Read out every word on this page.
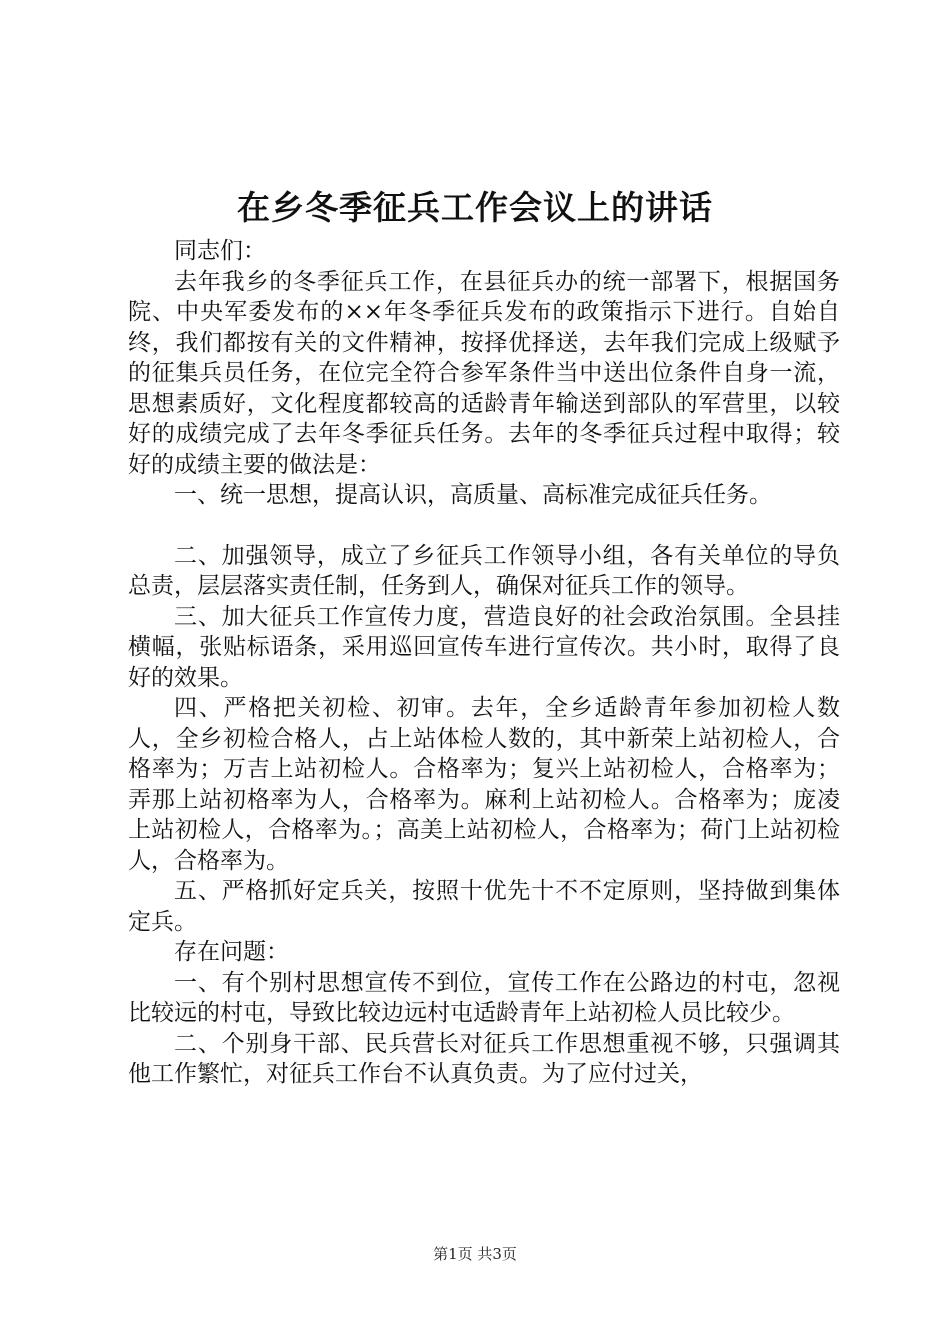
在乡冬季征兵工作会议上的讲话

同志们：

去年我乡的冬季征兵工作，在县征兵办的统一部署下，根据国务院、中央军委发布的××年冬季征兵发布的政策指示下进行。自始自终，我们都按有关的文件精神，按择优择送，去年我们完成上级赋予的征集兵员任务，在位完全符合参军条件当中送出位条件自身一流，思想素质好，文化程度都较高的适龄青年输送到部队的军营里，以较好的成绩完成了去年冬季征兵任务。去年的冬季征兵过程中取得；较好的成绩主要的做法是：

一、统一思想，提高认识，高质量、高标准完成征兵任务。

二、加强领导，成立了乡征兵工作领导小组，各有关单位的导负总责，层层落实责任制，任务到人，确保对征兵工作的领导。

三、加大征兵工作宣传力度，营造良好的社会政治氛围。全县挂横幅，张贴标语条，采用巡回宣传车进行宣传次。共小时，取得了良好的效果。

四、严格把关初检、初审。去年，全乡适龄青年参加初检人数人，全乡初检合格人，占上站体检人数的，其中新荣上站初检人，合格率为；万吉上站初检人。合格率为；复兴上站初检人，合格率为；弄那上站初格率为人，合格率为。麻利上站初检人。合格率为；庞凌上站初检人，合格率为。；高美上站初检人，合格率为；荷门上站初检人，合格率为。

五、严格抓好定兵关，按照十优先十不不定原则，坚持做到集体定兵。

存在问题：

一、有个别村思想宣传不到位，宣传工作在公路边的村屯，忽视比较远的村屯，导致比较边远村屯适龄青年上站初检人员比较少。

二、个别身干部、民兵营长对征兵工作思想重视不够，只强调其他工作繁忙，对征兵工作台不认真负责。为了应付过关，

第1页 共3页
